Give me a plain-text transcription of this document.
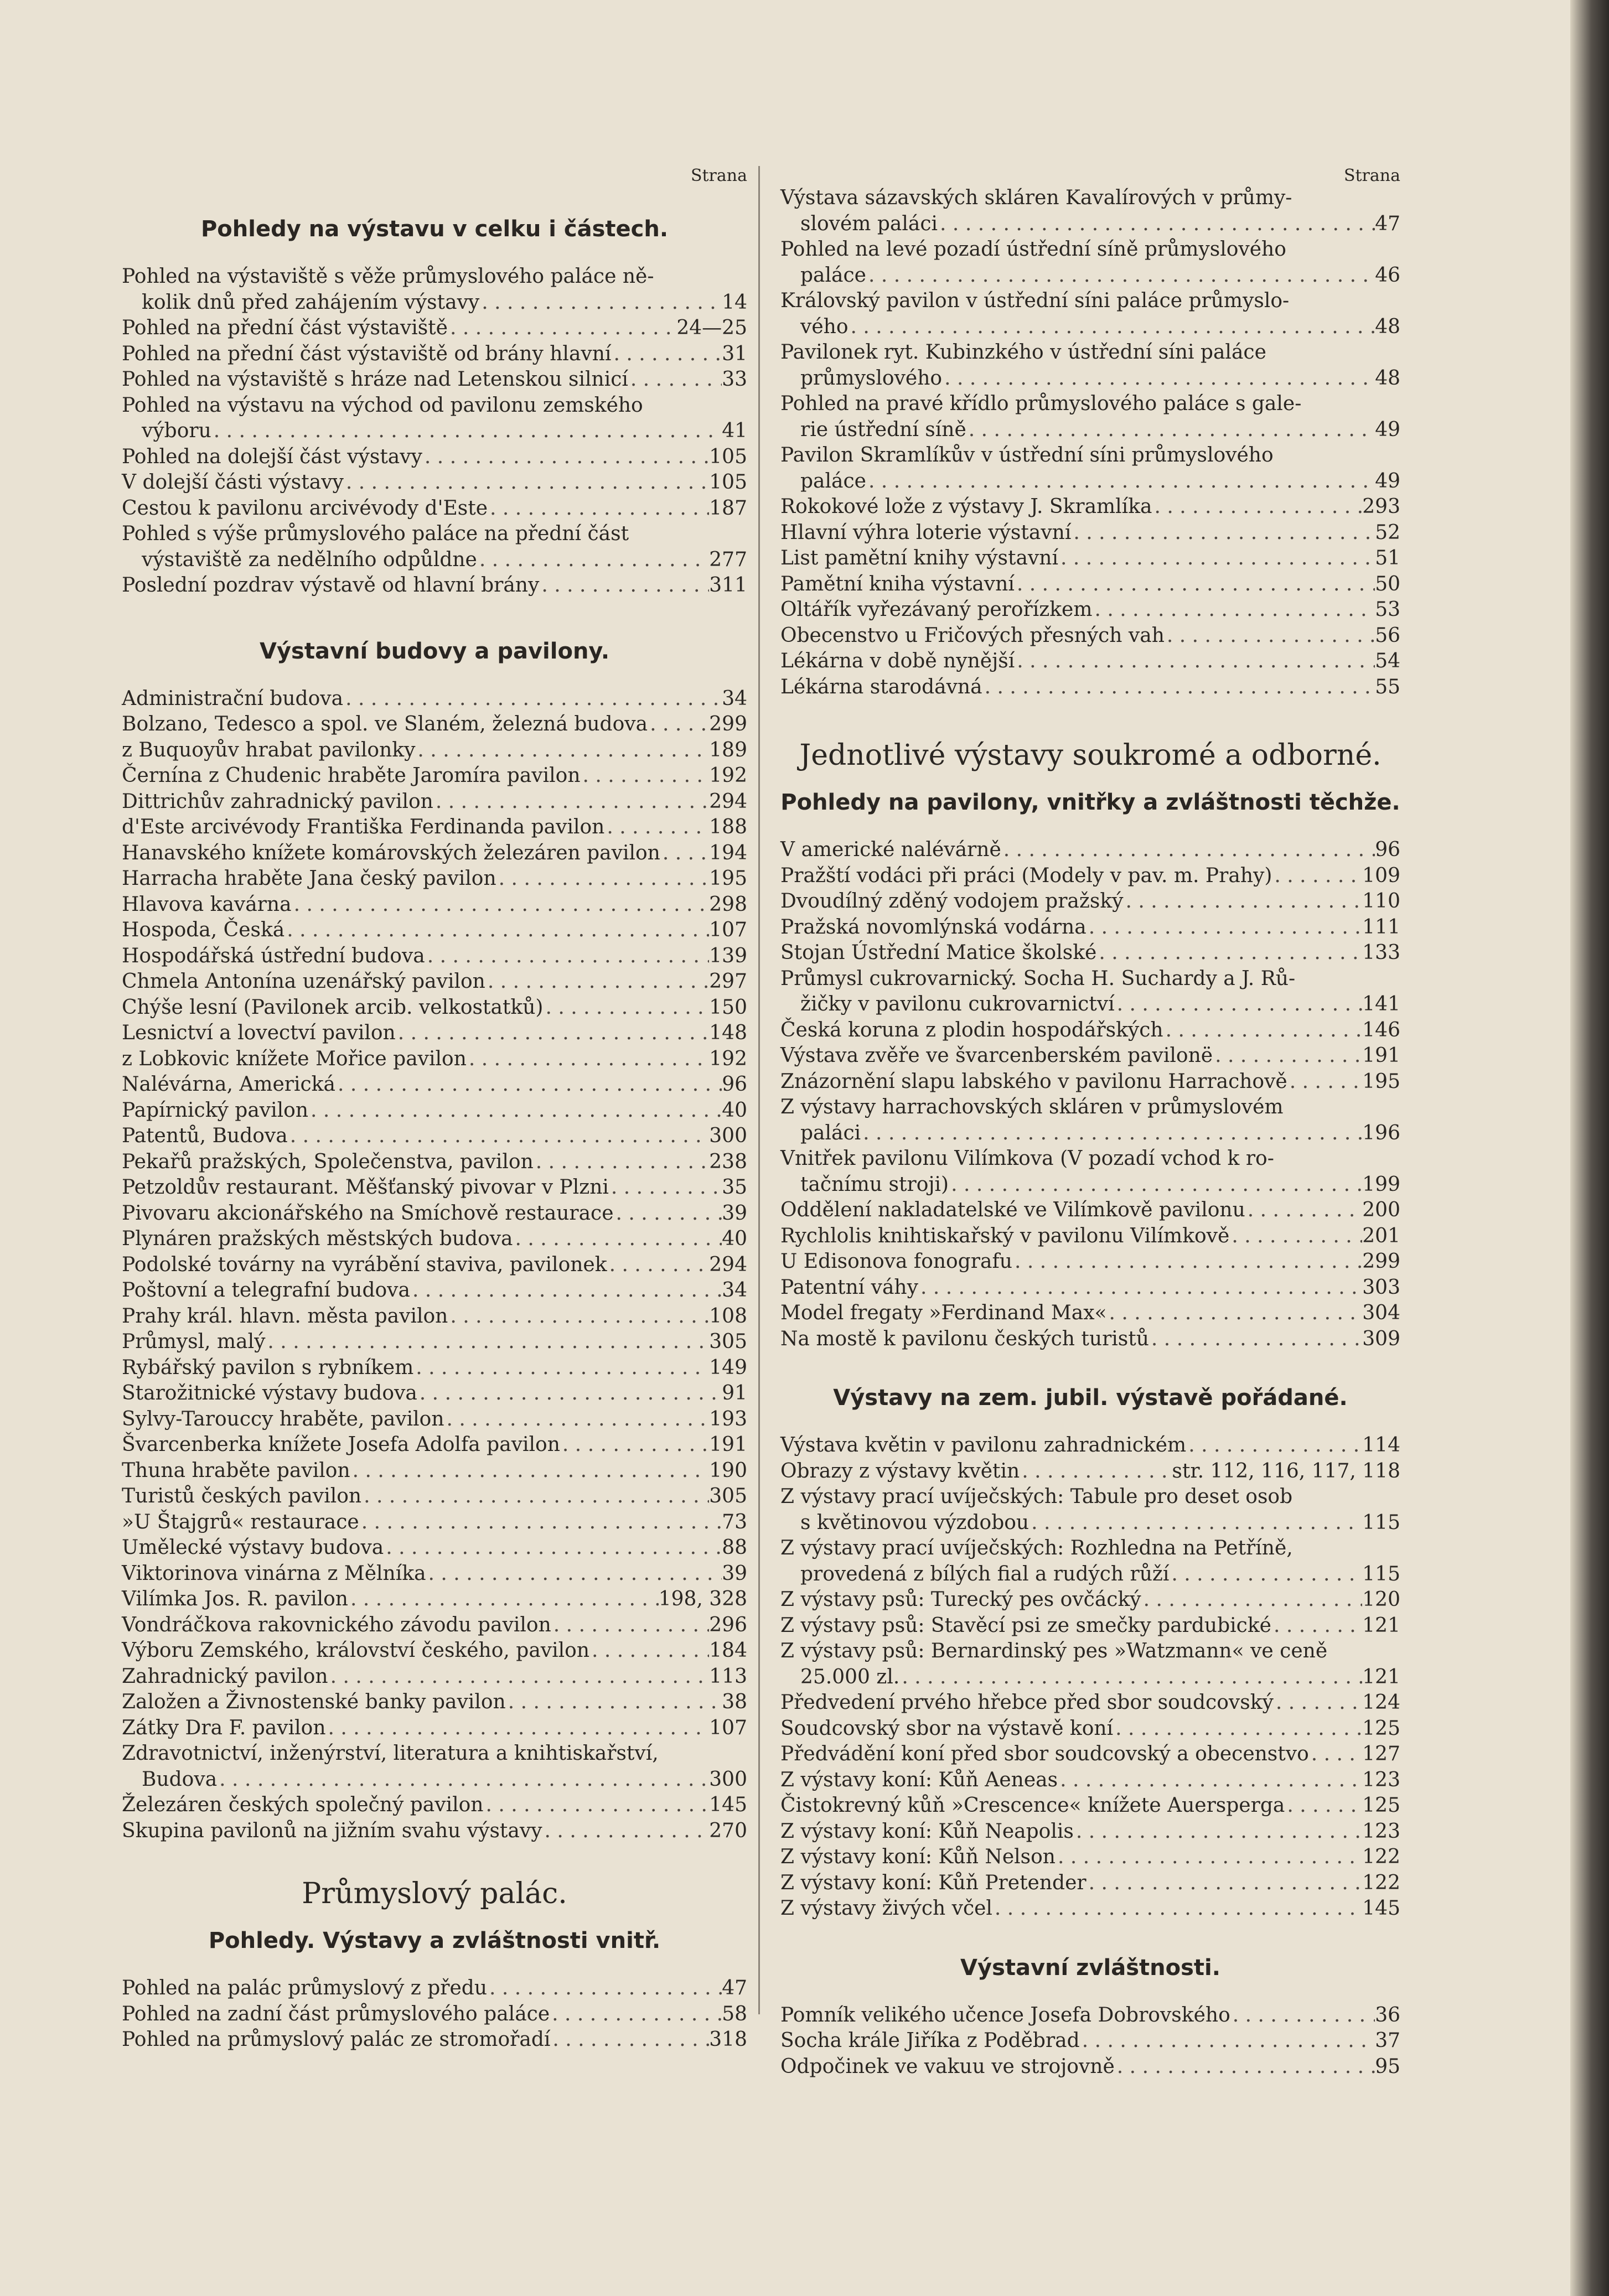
Strana
Pohledy na výstavu v celku i částech.
Pohled na výstaviště s věže průmyslového paláce ně-
kolik dnů před zahájením výstavy . . .	14
Pohled na přední část výstaviště . . .	24—25
Pohled na přední část výstaviště od brány hlavní . . .	31
Pohled na výstaviště s hráze nad Letenskou silnicí . . .	33
Pohled na výstavu na východ od pavilonu zemského
výboru . . .	41
Pohled na dolejší část výstavy . . .	105
V dolejší části výstavy . . .	105
Cestou k pavilonu arcivévody d'Este . . .	187
Pohled s výše průmyslového paláce na přední část
výstaviště za nedělního odpůldne . . .	277
Poslední pozdrav výstavě od hlavní brány . . .	311
Výstavní budovy a pavilony.
Administrační budova . . .	34
Bolzano, Tedesco a spol. ve Slaném, železná budova . . .	299
z Buquoyův hrabat pavilonky . . .	189
Černína z Chudenic hraběte Jaromíra pavilon . . .	192
Dittrichův zahradnický pavilon . . .	294
d'Este arcivévody Františka Ferdinanda pavilon . . .	188
Hanavského knížete komárovských železáren pavilon . . . 194
Harracha hraběte Jana český pavilon . . .	195
Hlavova kavárna . . .	298
Hospoda, Česká . . .	107
Hospodářská ústřední budova . . .	139
Chmela Antonína uzenářský pavilon . . .	297
Chýše lesní (Pavilonek arcib. velkostatků) . . .	150
Lesnictví a lovectví pavilon . . .	148
z Lobkovic knížete Mořice pavilon . . .	192
Nalévárna, Americká . . .	96
Papírnický pavilon . . .	40
Patentů, Budova . . .	300
Pekařů pražských, Společenstva, pavilon . . .	238
Petzoldův restaurant. Měšťanský pivovar v Plzni . . .	35
Pivovaru akcionářského na Smíchově restaurace . . .	39
Plynáren pražských městských budova . . .	40
Podolské továrny na vyrábění staviva, pavilonek . . .	294
Poštovní a telegrafní budova . . .	34
Prahy král. hlavn. města pavilon . . .	108
Průmysl, malý . . .	305
Rybářský pavilon s rybníkem . . .	149
Starožitnické výstavy budova . . .	91
Sylvy-Tarouccy hraběte, pavilon . . .	193
Švarcenberka knížete Josefa Adolfa pavilon . . .	191
Thuna hraběte pavilon . . .	190
Turistů českých pavilon . . .	305
»U Štajgrů« restaurace . . .	73
Umělecké výstavy budova . . .	88
Viktorinova vinárna z Mělníka . . .	39
Vilímka Jos. R. pavilon . . .	198, 328
Vondráčkova rakovnického závodu pavilon . . .	296
Výboru Zemského, království českého, pavilon . . .	184
Zahradnický pavilon . . .	113
Založen a Živnostenské banky pavilon . . .	38
Zátky Dra F. pavilon . . .	107
Zdravotnictví, inženýrství, literatura a knihtiskařství,
Budova . . .	300
Železáren českých společný pavilon . . .	145
Skupina pavilonů na jižním svahu výstavy . . .	270
Průmyslový palác.
Pohledy. Výstavy a zvláštnosti vnitř.
Pohled na palác průmyslový z předu . . .	47
Pohled na zadní část průmyslového paláce . . .	58
Pohled na průmyslový palác ze stromořadí . . .	318
Strana
Výstava sázavských skláren Kavalírových v průmy-
slovém paláci . . .	47
Pohled na levé pozadí ústřední síně průmyslového
paláce . . .	46
Královský pavilon v ústřední síni paláce průmyslo-
vého . . .	48
Pavilonek ryt. Kubinzkého v ústřední síni paláce
průmyslového . . .	48
Pohled na pravé křídlo průmyslového paláce s gale-
rie ústřední síně . . .	49
Pavilon Skramlíkův v ústřední síni průmyslového
paláce . . .	49
Rokokové lože z výstavy J. Skramlíka . . .	293
Hlavní výhra loterie výstavní . . .	52
List pamětní knihy výstavní . . .	51
Pamětní kniha výstavní . . .	50
Oltářík vyřezávaný perořízkem . . .	53
Obecenstvo u Fričových přesných vah . . .	56
Lékárna v době nynější . . .	54
Lékárna starodávná . . .	55
Jednotlivé výstavy soukromé a odborné.
Pohledy na pavilony, vnitřky a zvláštnosti těchže.
V americké nalévárně . . .	96
Pražští vodáci při práci (Modely v pav. m. Prahy) . . .	109
Dvoudílný zděný vodojem pražský . . .	110
Pražská novomlýnská vodárna . . .	111
Stojan Ústřední Matice školské . . .	133
Průmysl cukrovarnický. Socha H. Suchardy a J. Rů-
žičky v pavilonu cukrovarnictví . . .	141
Česká koruna z plodin hospodářských . . .	146
Výstava zvěře ve švarcenberském pavilonë . . .	191
Znázornění slapu labského v pavilonu Harrachově . . .	195
Z výstavy harrachovských skláren v průmyslovém
paláci . . .	196
Vnitřek pavilonu Vilímkova (V pozadí vchod k ro-
tačnímu stroji) . . .	199
Oddělení nakladatelské ve Vilímkově pavilonu . . .	200
Rychlolis knihtiskařský v pavilonu Vilímkově . . .	201
U Edisonova fonografu . . .	299
Patentní váhy . . .	303
Model fregaty »Ferdinand Max« . . .	304
Na mostě k pavilonu českých turistů . . .	309
Výstavy na zem. jubil. výstavě pořádané.
Výstava květin v pavilonu zahradnickém . . .	114
Obrazy z výstavy květin . . .	str. 112, 116, 117, 118
Z výstavy prací uvíječských: Tabule pro deset osob
s květinovou výzdobou . . .	115
Z výstavy prací uvíječských: Rozhledna na Petříně,
provedená z bílých fial a rudých růží . . .	115
Z výstavy psů: Turecký pes ovčácký . . .	120
Z výstavy psů: Stavěcí psi ze smečky pardubické . . .	121
Z výstavy psů: Bernardinský pes »Watzmann« ve ceně
25.000 zl. . . .	121
Předvedení prvého hřebce před sbor soudcovský . . .	124
Soudcovský sbor na výstavě koní . . .	125
Předvádění koní před sbor soudcovský a obecenstvo . . .	127
Z výstavy koní: Kůň Aeneas . . .	123
Čistokrevný kůň »Crescence« knížete Auersperga . . .	125
Z výstavy koní: Kůň Neapolis . . .	123
Z výstavy koní: Kůň Nelson . . .	122
Z výstavy koní: Kůň Pretender . . .	122
Z výstavy živých včel . . .	145
Výstavní zvláštnosti.
Pomník velikého učence Josefa Dobrovského . . .	36
Socha krále Jiříka z Poděbrad . . .	37
Odpočinek ve vakuu ve strojovně . . .	95
